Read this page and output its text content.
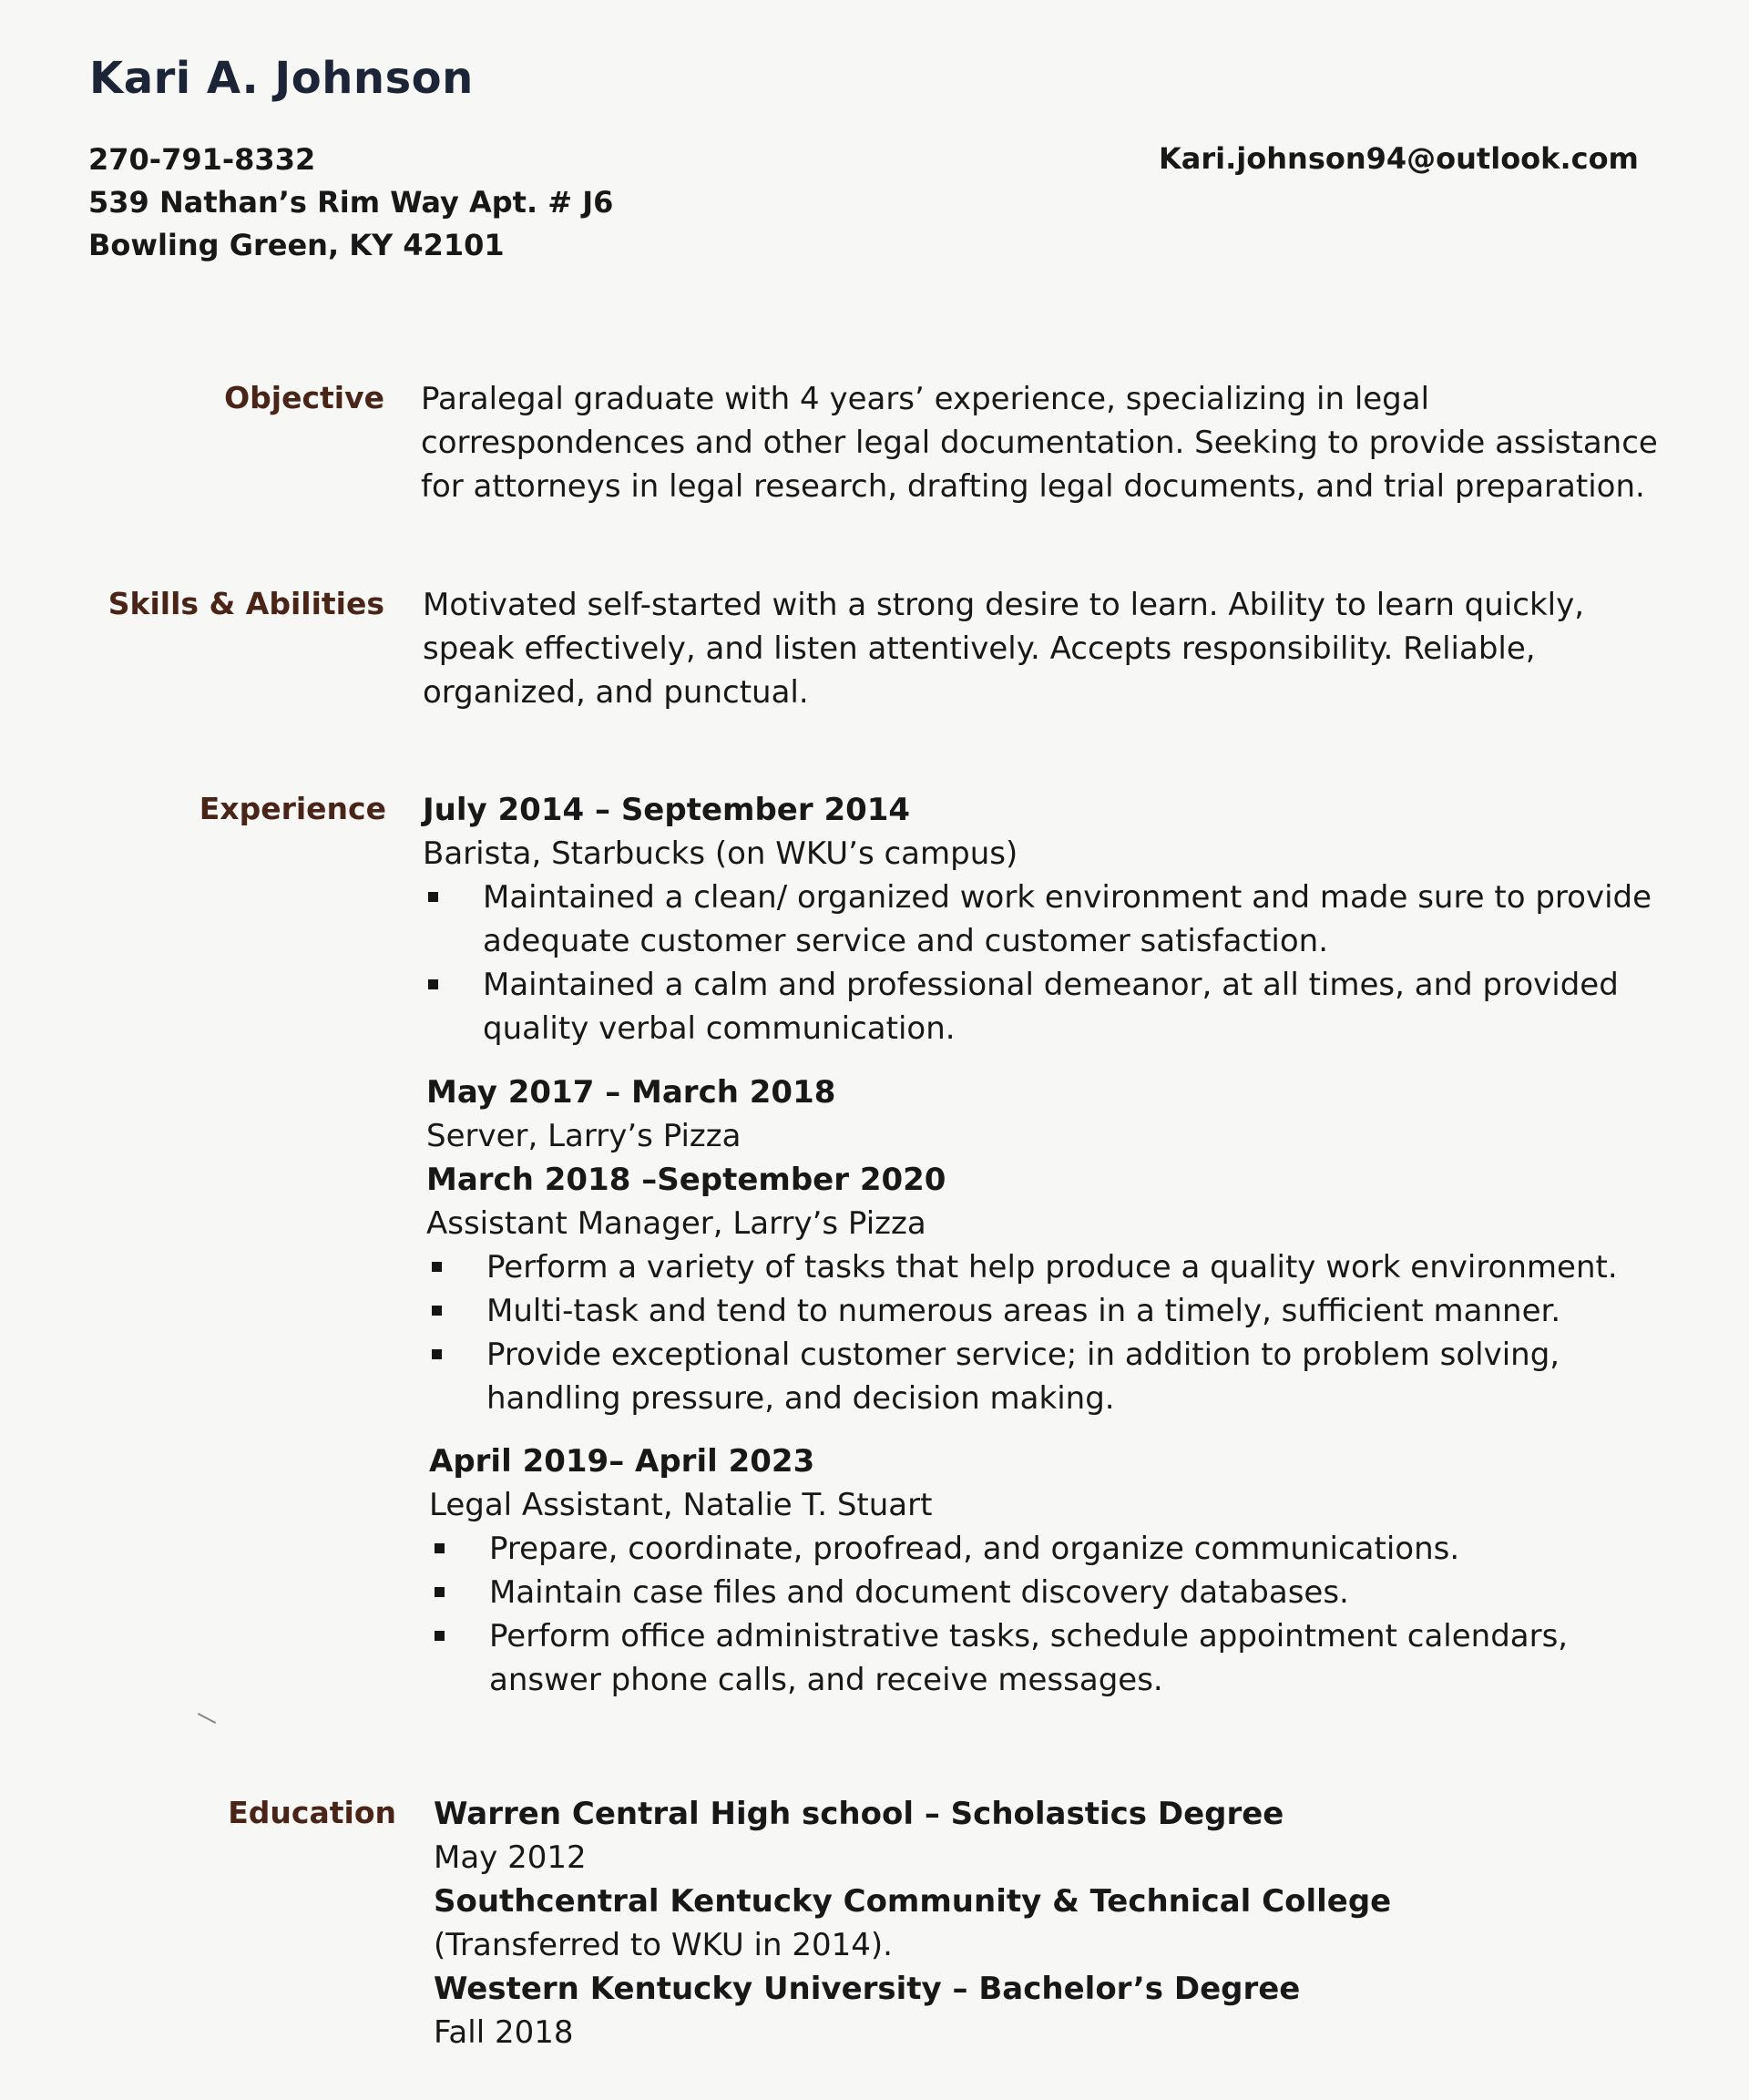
Kari A. Johnson
270-791-8332
539 Nathan’s Rim Way Apt. # J6
Bowling Green, KY 42101
Kari.johnson94@outlook.com
Objective Paralegal graduate with 4 years’ experience, specializing in legal
correspondences and other legal documentation. Seeking to provide assistance
for attorneys in legal research, drafting legal documents, and trial preparation.
Skills & Abilities Motivated self-started with a strong desire to learn. Ability to learn quickly,
speak effectively, and listen attentively. Accepts responsibility. Reliable,
organized, and punctual.
Experience July 2014 – September 2014
Barista, Starbucks (on WKU’s campus)
Maintained a clean/ organized work environment and made sure to provide
adequate customer service and customer satisfaction.
Maintained a calm and professional demeanor, at all times, and provided
quality verbal communication.
May 2017 – March 2018
Server, Larry’s Pizza
March 2018 –September 2020
Assistant Manager, Larry’s Pizza
Perform a variety of tasks that help produce a quality work environment.
Multi-task and tend to numerous areas in a timely, sufficient manner.
Provide exceptional customer service; in addition to problem solving,
handling pressure, and decision making.
April 2019– April 2023
Legal Assistant, Natalie T. Stuart
Prepare, coordinate, proofread, and organize communications.
Maintain case files and document discovery databases.
Perform office administrative tasks, schedule appointment calendars,
answer phone calls, and receive messages.
Education Warren Central High school – Scholastics Degree
May 2012
Southcentral Kentucky Community & Technical College
(Transferred to WKU in 2014).
Western Kentucky University – Bachelor’s Degree
Fall 2018
